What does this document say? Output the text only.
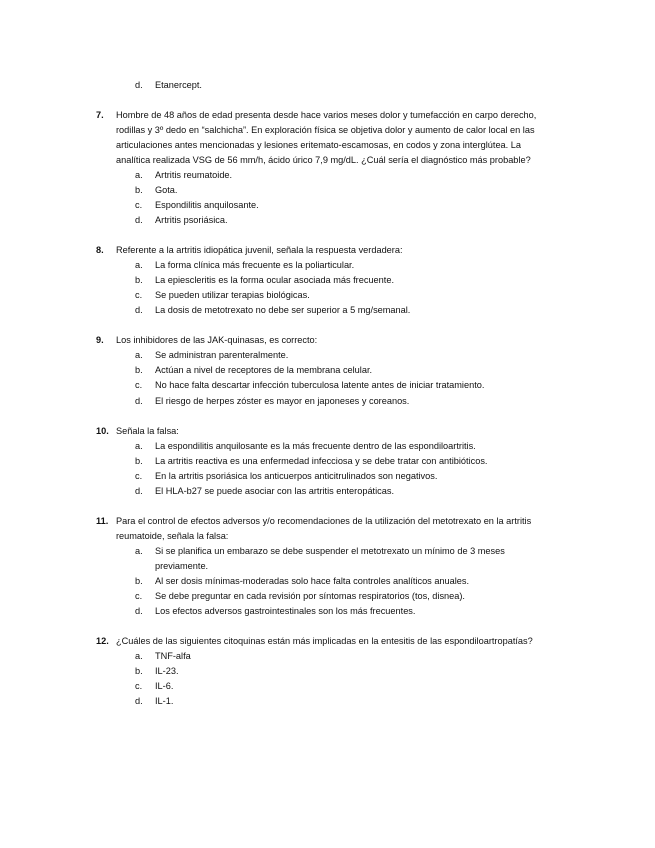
d. Etanercept.
7. Hombre de 48 años de edad presenta desde hace varios meses dolor y tumefacción en carpo derecho,
rodillas y 3º dedo en “salchicha”. En exploración física se objetiva dolor y aumento de calor local en las
articulaciones antes mencionadas y lesiones eritemato-escamosas, en codos y zona interglútea. La
analítica realizada VSG de 56 mm/h, ácido úrico 7,9 mg/dL. ¿Cuál sería el diagnóstico más probable?
a. Artritis reumatoide.
b. Gota.
c. Espondilitis anquilosante.
d. Artritis psoriásica.
8. Referente a la artritis idiopática juvenil, señala la respuesta verdadera:
a. La forma clínica más frecuente es la poliarticular.
b. La epiescleritis es la forma ocular asociada más frecuente.
c. Se pueden utilizar terapias biológicas.
d. La dosis de metotrexato no debe ser superior a 5 mg/semanal.
9. Los inhibidores de las JAK-quinasas, es correcto:
a. Se administran parenteralmente.
b. Actúan a nivel de receptores de la membrana celular.
c. No hace falta descartar infección tuberculosa latente antes de iniciar tratamiento.
d. El riesgo de herpes zóster es mayor en japoneses y coreanos.
10. Señala la falsa:
a. La espondilitis anquilosante es la más frecuente dentro de las espondiloartritis.
b. La artritis reactiva es una enfermedad infecciosa y se debe tratar con antibióticos.
c. En la artritis psoriásica los anticuerpos anticitrulinados son negativos.
d. El HLA-b27 se puede asociar con las artritis enteropáticas.
11. Para el control de efectos adversos y/o recomendaciones de la utilización del metotrexato en la artritis
reumatoide, señala la falsa:
a. Si se planifica un embarazo se debe suspender el metotrexato un mínimo de 3 meses
previamente.
b. Al ser dosis mínimas-moderadas solo hace falta controles analíticos anuales.
c. Se debe preguntar en cada revisión por síntomas respiratorios (tos, disnea).
d. Los efectos adversos gastrointestinales son los más frecuentes.
12. ¿Cuáles de las siguientes citoquinas están más implicadas en la entesitis de las espondiloartropatías?
a. TNF-alfa
b. IL-23.
c. IL-6.
d. IL-1.
